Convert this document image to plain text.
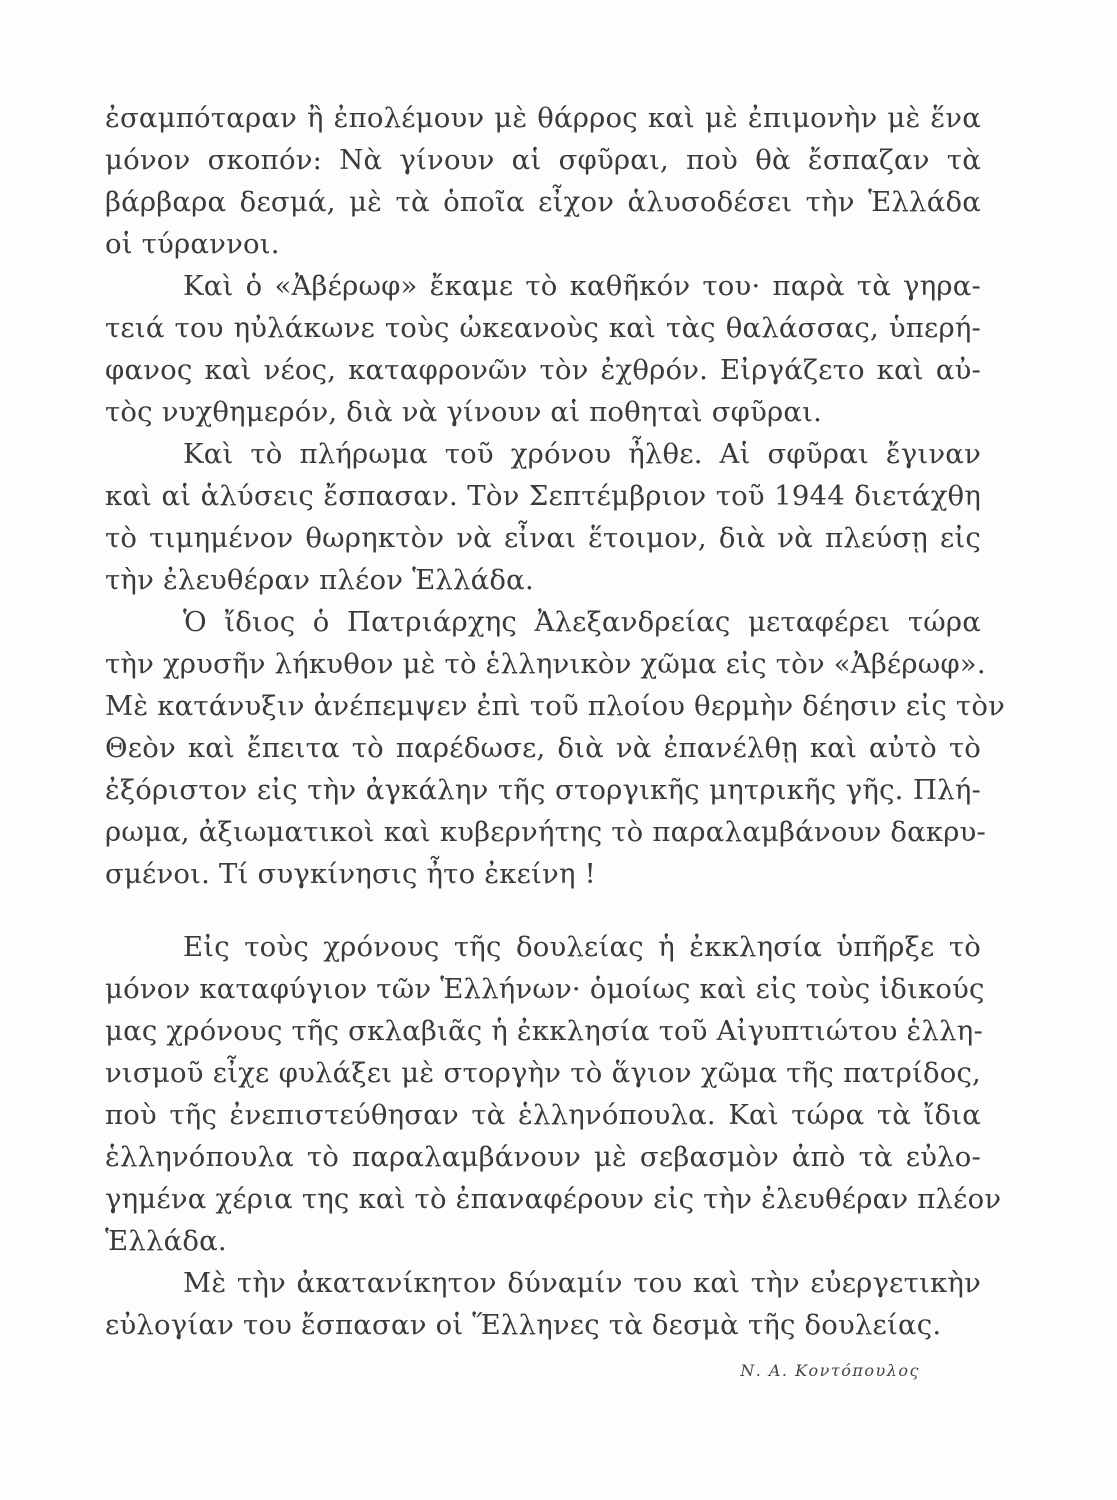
ἐσαμπόταραν ἢ ἐπολέμουν μὲ θάρρος καὶ μὲ ἐπιμονὴν μὲ ἕνα
μόνον σκοπόν: Νὰ γίνουν αἱ σφῦραι, ποὺ θὰ ἔσπαζαν τὰ
βάρβαρα δεσμά, μὲ τὰ ὁποῖα εἶχον ἁλυσοδέσει τὴν Ἑλλάδα
οἱ τύραννοι.
Καὶ ὁ «Ἀβέρωφ» ἔκαμε τὸ καθῆκόν του· παρὰ τὰ γηρα-
τειά του ηὐλάκωνε τοὺς ὠκεανοὺς καὶ τὰς θαλάσσας, ὑπερή-
φανος καὶ νέος, καταφρονῶν τὸν ἐχθρόν. Εἰργάζετο καὶ αὐ-
τὸς νυχθημερόν, διὰ νὰ γίνουν αἱ ποθηταὶ σφῦραι.
Καὶ τὸ πλήρωμα τοῦ χρόνου ἦλθε. Αἱ σφῦραι ἔγιναν
καὶ αἱ ἁλύσεις ἔσπασαν. Τὸν Σεπτέμβριον τοῦ 1944 διετάχθη
τὸ τιμημένον θωρηκτὸν νὰ εἶναι ἕτοιμον, διὰ νὰ πλεύσῃ εἰς
τὴν ἐλευθέραν πλέον Ἑλλάδα.
Ὁ ἴδιος ὁ Πατριάρχης Ἀλεξανδρείας μεταφέρει τώρα
τὴν χρυσῆν λήκυθον μὲ τὸ ἑλληνικὸν χῶμα εἰς τὸν «Ἀβέρωφ».
Μὲ κατάνυξιν ἀνέπεμψεν ἐπὶ τοῦ πλοίου θερμὴν δέησιν εἰς τὸν
Θεὸν καὶ ἔπειτα τὸ παρέδωσε, διὰ νὰ ἐπανέλθῃ καὶ αὐτὸ τὸ
ἐξόριστον εἰς τὴν ἀγκάλην τῆς στοργικῆς μητρικῆς γῆς. Πλή-
ρωμα, ἀξιωματικοὶ καὶ κυβερνήτης τὸ παραλαμβάνουν δακρυ-
σμένοι. Τί συγκίνησις ἦτο ἐκείνη !
Εἰς τοὺς χρόνους τῆς δουλείας ἡ ἐκκλησία ὑπῆρξε τὸ
μόνον καταφύγιον τῶν Ἑλλήνων· ὁμοίως καὶ εἰς τοὺς ἰδικούς
μας χρόνους τῆς σκλαβιᾶς ἡ ἐκκλησία τοῦ Αἰγυπτιώτου ἑλλη-
νισμοῦ εἶχε φυλάξει μὲ στοργὴν τὸ ἅγιον χῶμα τῆς πατρίδος,
ποὺ τῆς ἐνεπιστεύθησαν τὰ ἑλληνόπουλα. Καὶ τώρα τὰ ἴδια
ἑλληνόπουλα τὸ παραλαμβάνουν μὲ σεβασμὸν ἀπὸ τὰ εὐλο-
γημένα χέρια της καὶ τὸ ἐπαναφέρουν εἰς τὴν ἐλευθέραν πλέον
Ἑλλάδα.
Μὲ τὴν ἀκατανίκητον δύναμίν του καὶ τὴν εὐεργετικὴν
εὐλογίαν του ἔσπασαν οἱ Ἕλληνες τὰ δεσμὰ τῆς δουλείας.
Ν. Α. Κοντόπουλος
